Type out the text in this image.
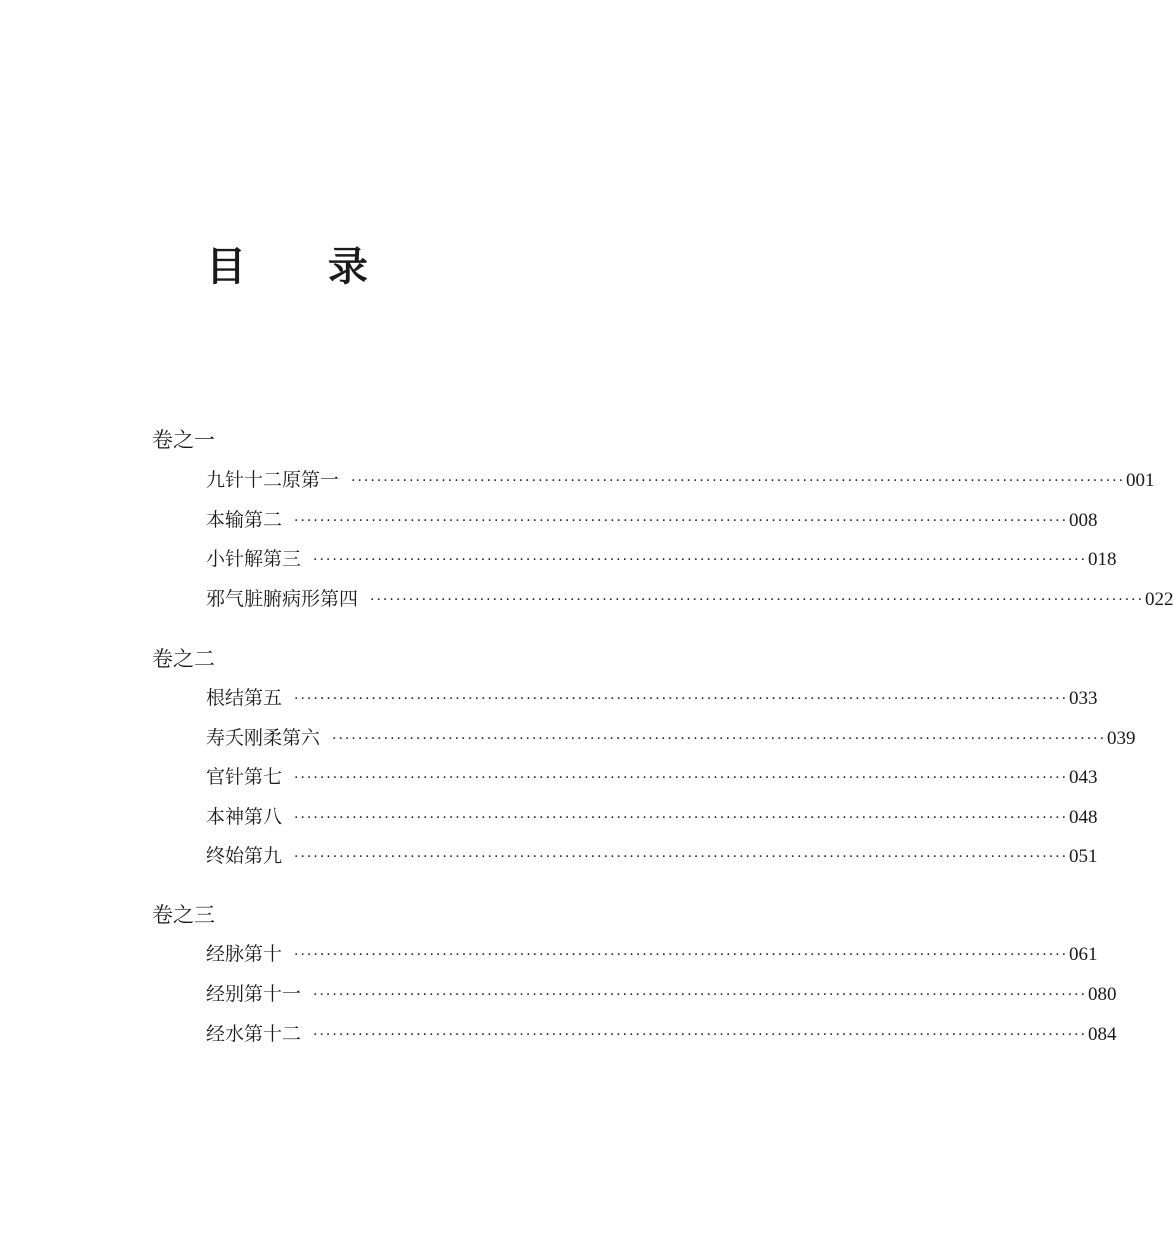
目 录
卷之一
九针十二原第一 ························································································································ 001
本输第二 ························································································································ 008
小针解第三 ························································································································ 018
邪气脏腑病形第四 ························································································································ 022
卷之二
根结第五 ························································································································ 033
寿夭刚柔第六 ························································································································ 039
官针第七 ························································································································ 043
本神第八 ························································································································ 048
终始第九 ························································································································ 051
卷之三
经脉第十 ························································································································ 061
经别第十一 ························································································································ 080
经水第十二 ························································································································ 084
